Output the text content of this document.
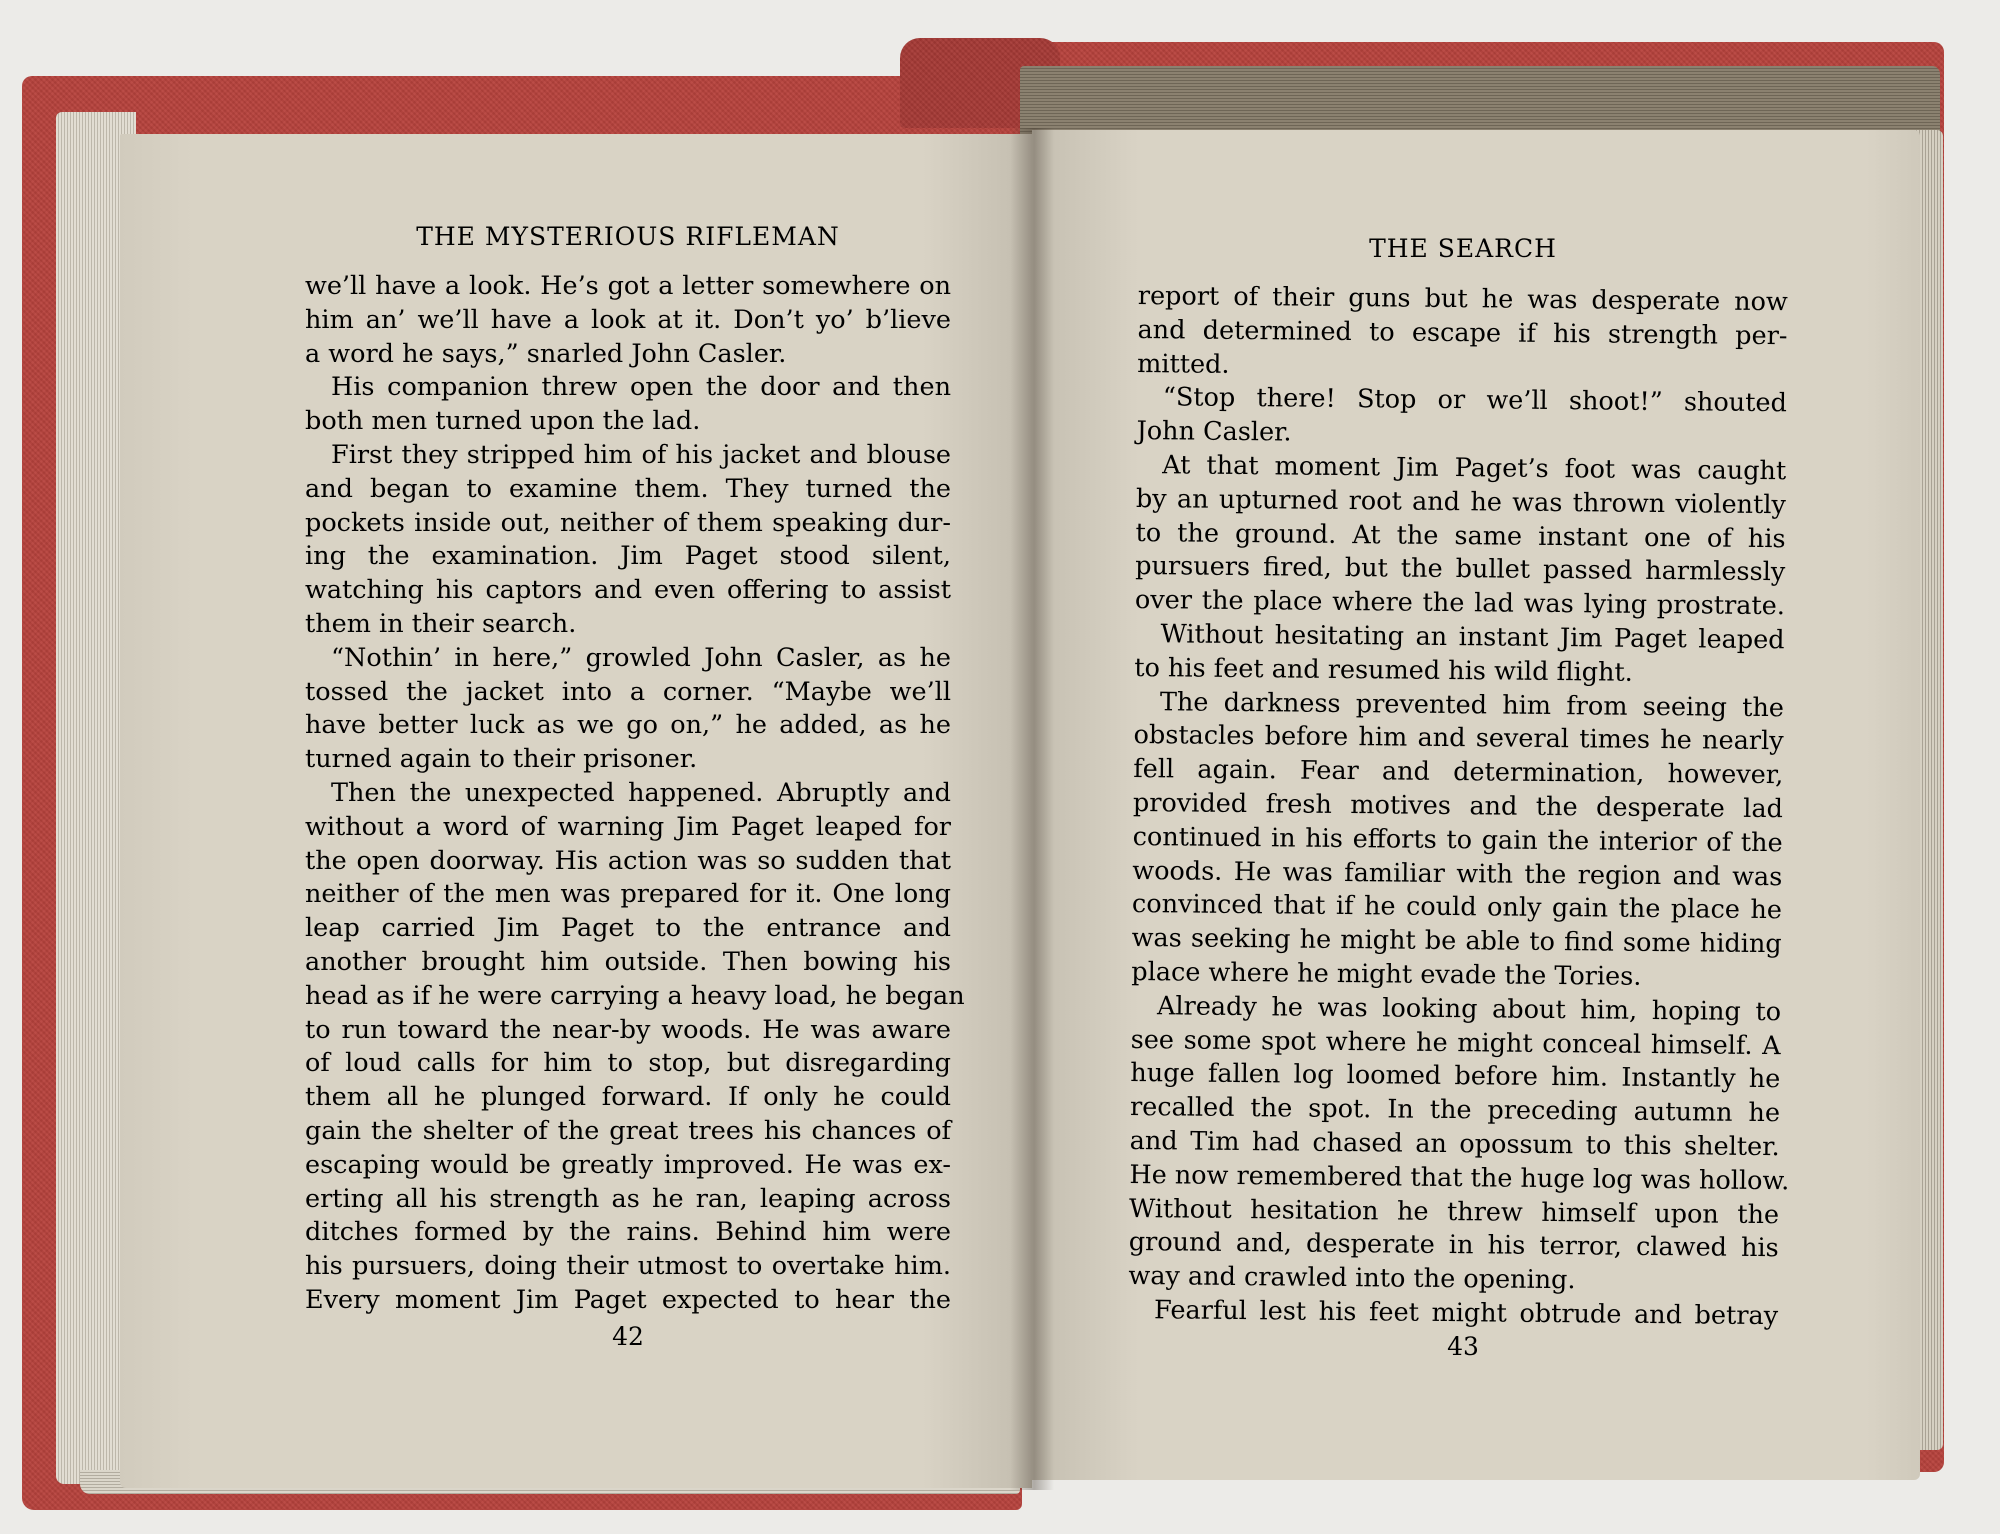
THE MYSTERIOUS RIFLEMAN
we’ll have a look. He’s got a letter somewhere on
him an’ we’ll have a look at it. Don’t yo’ b’lieve
a word he says,” snarled John Casler.
His companion threw open the door and then
both men turned upon the lad.
First they stripped him of his jacket and blouse
and began to examine them. They turned the
pockets inside out, neither of them speaking dur-
ing the examination. Jim Paget stood silent,
watching his captors and even offering to assist
them in their search.
“Nothin’ in here,” growled John Casler, as he
tossed the jacket into a corner. “Maybe we’ll
have better luck as we go on,” he added, as he
turned again to their prisoner.
Then the unexpected happened. Abruptly and
without a word of warning Jim Paget leaped for
the open doorway. His action was so sudden that
neither of the men was prepared for it. One long
leap carried Jim Paget to the entrance and
another brought him outside. Then bowing his
head as if he were carrying a heavy load, he began
to run toward the near-by woods. He was aware
of loud calls for him to stop, but disregarding
them all he plunged forward. If only he could
gain the shelter of the great trees his chances of
escaping would be greatly improved. He was ex-
erting all his strength as he ran, leaping across
ditches formed by the rains. Behind him were
his pursuers, doing their utmost to overtake him.
Every moment Jim Paget expected to hear the
42
THE SEARCH
report of their guns but he was desperate now
and determined to escape if his strength per-
mitted.
“Stop there! Stop or we’ll shoot!” shouted
John Casler.
At that moment Jim Paget’s foot was caught
by an upturned root and he was thrown violently
to the ground. At the same instant one of his
pursuers fired, but the bullet passed harmlessly
over the place where the lad was lying prostrate.
Without hesitating an instant Jim Paget leaped
to his feet and resumed his wild flight.
The darkness prevented him from seeing the
obstacles before him and several times he nearly
fell again. Fear and determination, however,
provided fresh motives and the desperate lad
continued in his efforts to gain the interior of the
woods. He was familiar with the region and was
convinced that if he could only gain the place he
was seeking he might be able to find some hiding
place where he might evade the Tories.
Already he was looking about him, hoping to
see some spot where he might conceal himself. A
huge fallen log loomed before him. Instantly he
recalled the spot. In the preceding autumn he
and Tim had chased an opossum to this shelter.
He now remembered that the huge log was hollow.
Without hesitation he threw himself upon the
ground and, desperate in his terror, clawed his
way and crawled into the opening.
Fearful lest his feet might obtrude and betray
43
